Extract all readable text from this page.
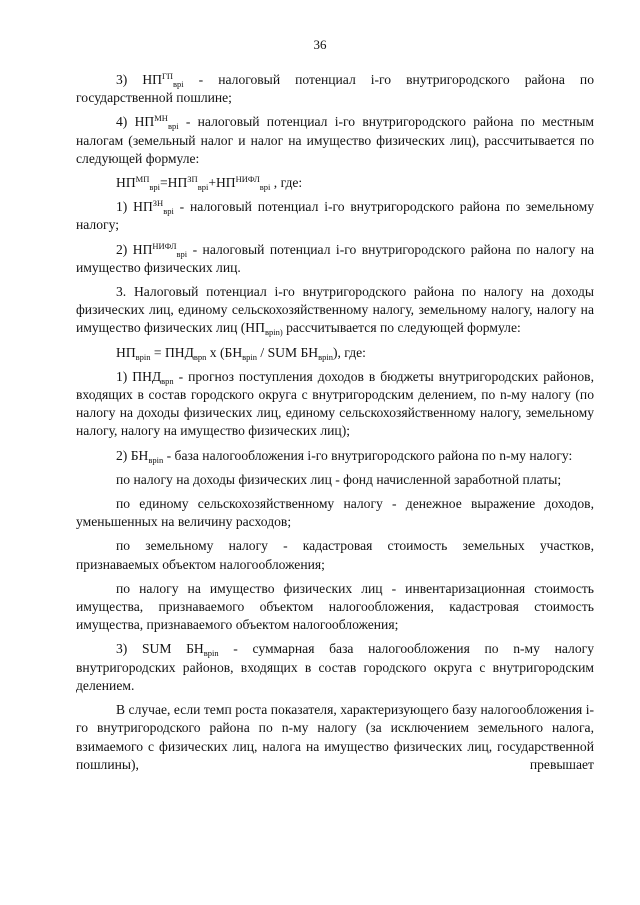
36

3) $НП^{ГП}_{врi}$ - налоговый потенциал i-го внутригородского района по государственной пошлине;

4) $НП^{МН}_{врi}$ - налоговый потенциал i-го внутригородского района по местным налогам (земельный налог и налог на имущество физических лиц), рассчитывается по следующей формуле:

$НП^{МП}_{врi}=НП^{ЗП}_{врi}+НП^{НИФЛ}_{врi}$ , где:

1) $НП^{ЗН}_{врi}$ - налоговый потенциал i-го внутригородского района по земельному налогу;

2) $НП^{НИФЛ}_{врi}$ - налоговый потенциал i-го внутригородского района по налогу на имущество физических лиц.

3. Налоговый потенциал i-го внутригородского района по налогу на доходы физических лиц, единому сельскохозяйственному налогу, земельному налогу, налогу на имущество физических лиц ($НП_{врin)}$ рассчитывается по следующей формуле:

$НП_{врin} = ПНД_{врn}$ х ($БН_{врin}$ / SUM $БН_{врin}$), где:

1) $ПНД_{врn}$ - прогноз поступления доходов в бюджеты внутригородских районов, входящих в состав городского округа с внутригородским делением, по n-му налогу (по налогу на доходы физических лиц, единому сельскохозяйственному налогу, земельному налогу, налогу на имущество физических лиц);

2) $БН_{врin}$ - база налогообложения i-го внутригородского района по n-му налогу:

по налогу на доходы физических лиц - фонд начисленной заработной платы;

по единому сельскохозяйственному налогу - денежное выражение доходов, уменьшенных на величину расходов;

по земельному налогу - кадастровая стоимость земельных участков, признаваемых объектом налогообложения;

по налогу на имущество физических лиц - инвентаризационная стоимость имущества, признаваемого объектом налогообложения, кадастровая стоимость имущества, признаваемого объектом налогообложения;

3) SUM $БН_{врin}$ - суммарная база налогообложения по n-му налогу внутригородских районов, входящих в состав городского округа с внутригородским делением.

В случае, если темп роста показателя, характеризующего базу налогообложения i-го внутригородского района по n-му налогу (за исключением земельного налога, взимаемого с физических лиц, налога на имущество физических лиц, государственной пошлины), превышает
